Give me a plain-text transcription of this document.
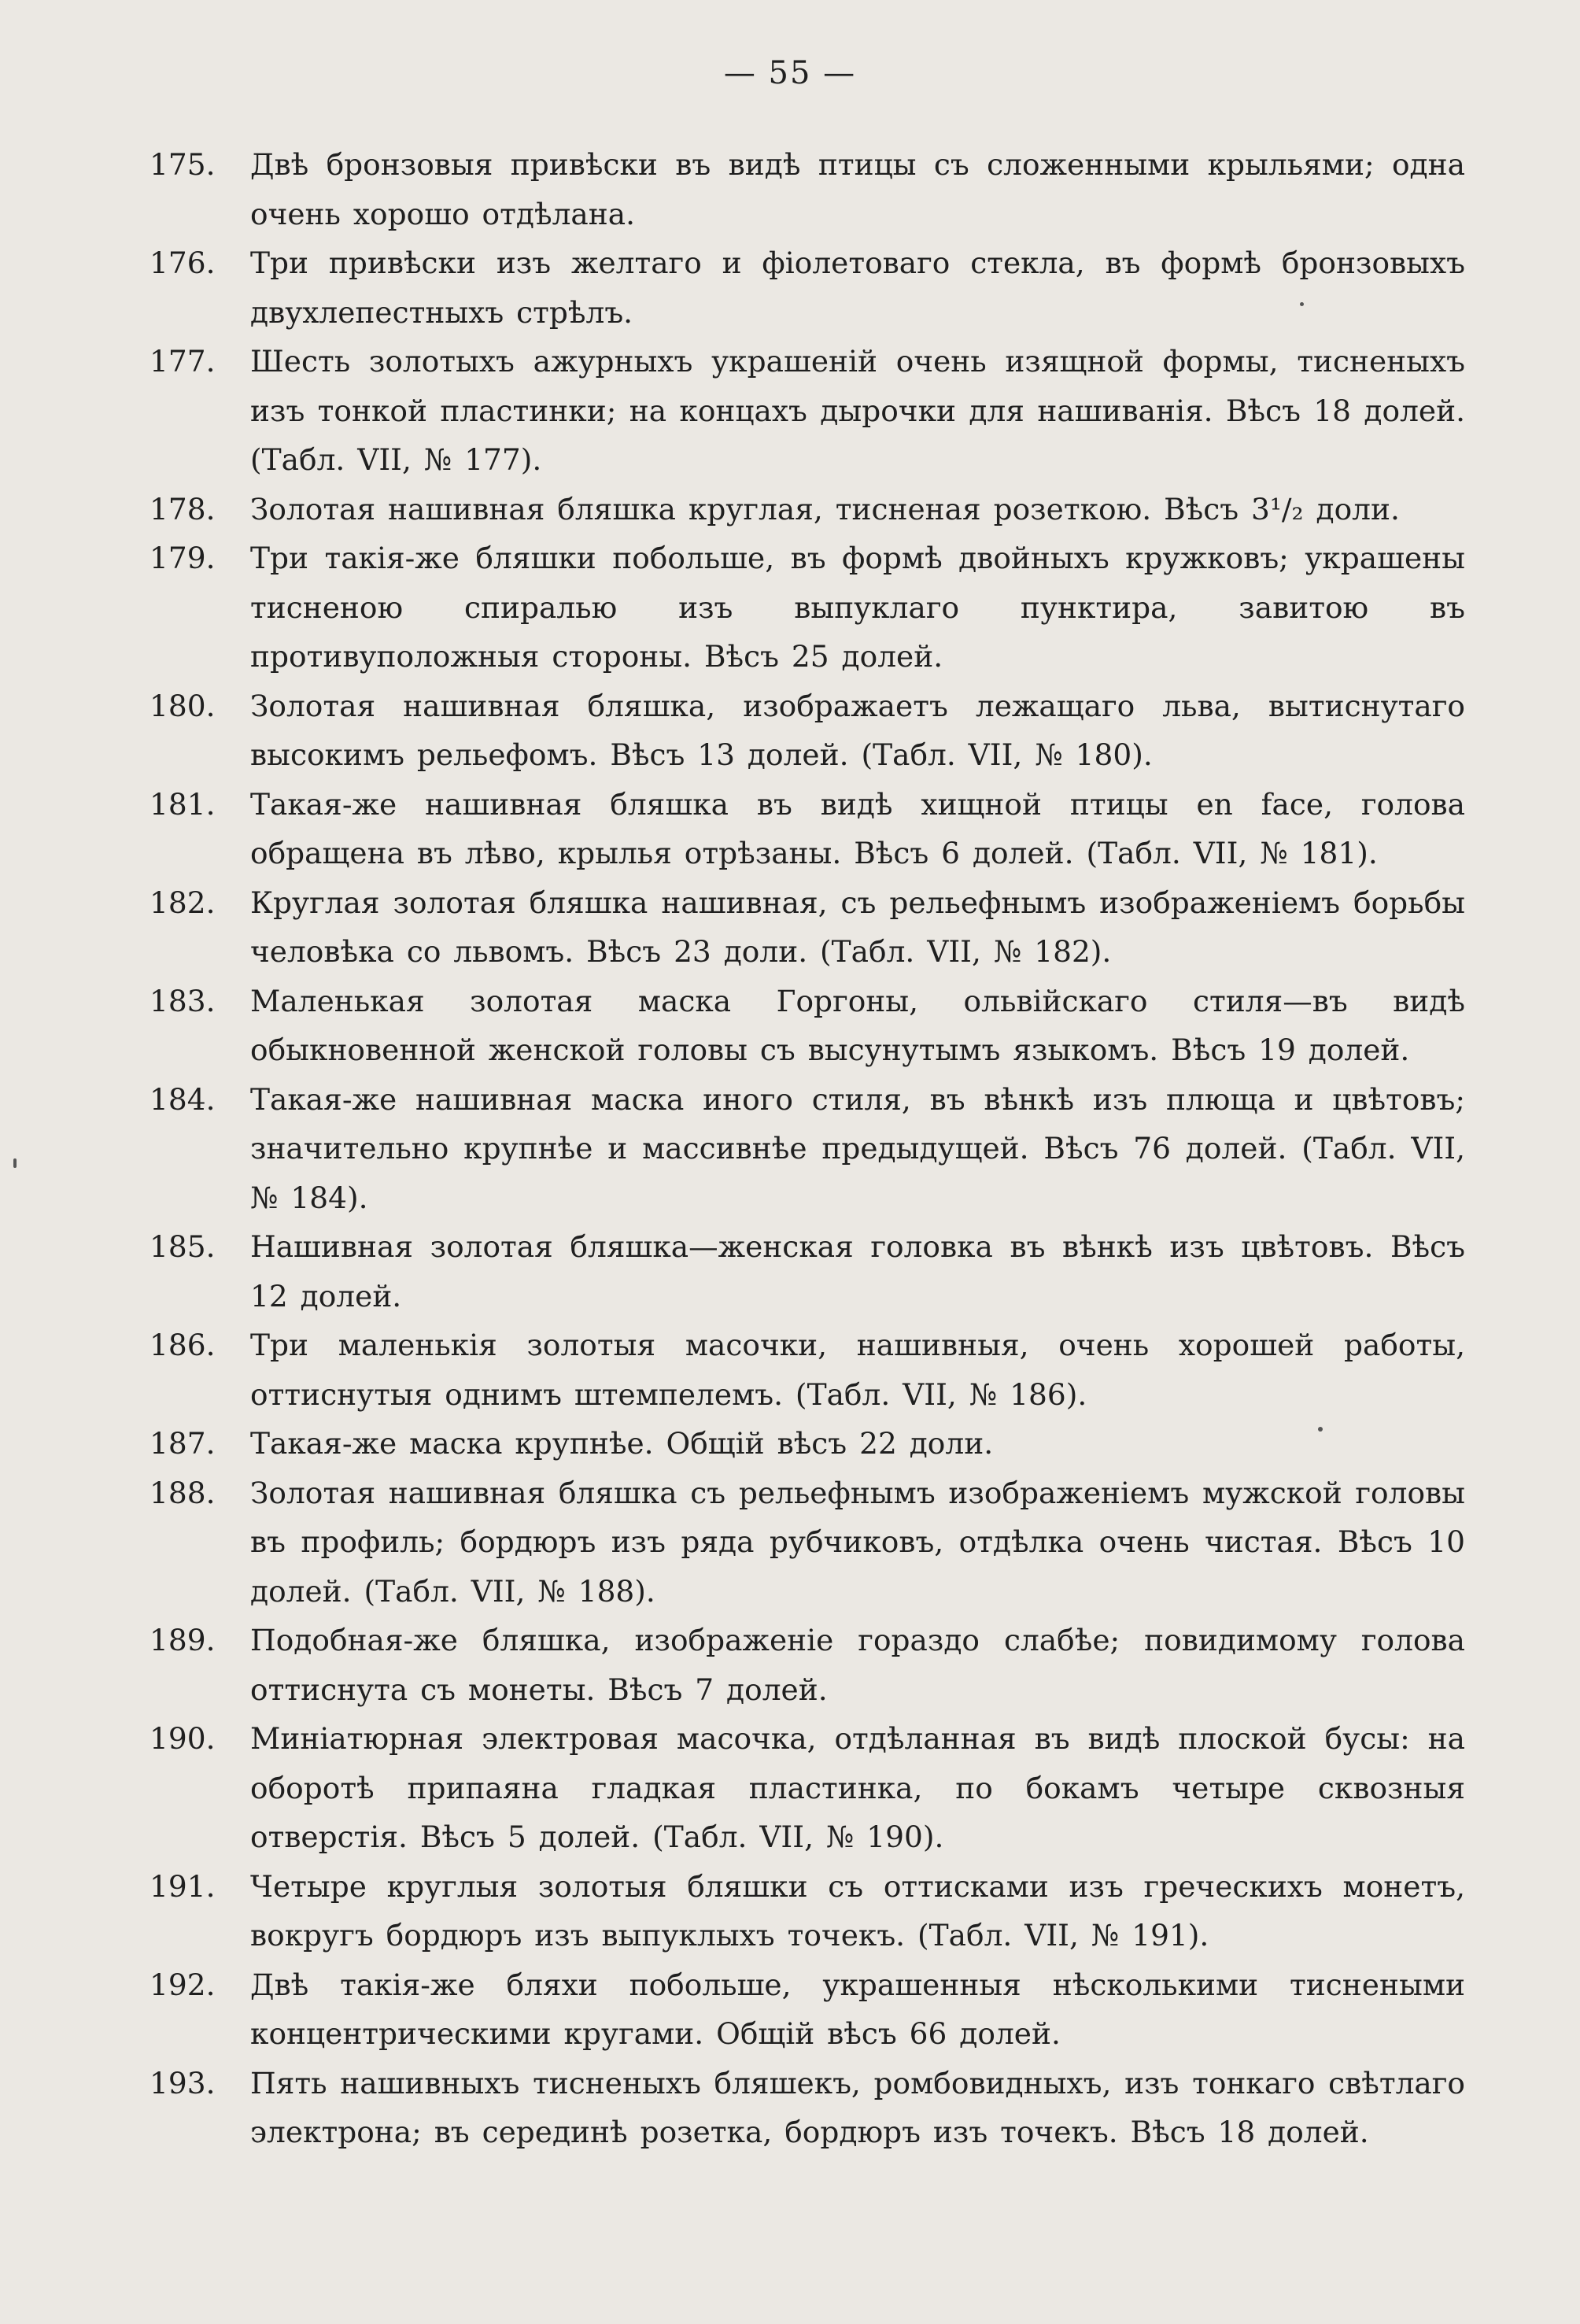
— 55 —
175.	Двѣ бронзовыя привѣски въ видѣ птицы съ сложенными крыльями; одна очень хорошо отдѣлана.
176.	Три привѣски изъ желтаго и фіолетоваго стекла, въ формѣ бронзовыхъ двухлепестныхъ стрѣлъ.
177.	Шесть золотыхъ ажурныхъ украшеній очень изящной формы, тисненыхъ изъ тонкой пластинки; на концахъ дырочки для нашиванія. Вѣсъ 18 долей. (Табл. VII, № 177).
178.	Золотая нашивная бляшка круглая, тисненая розеткою. Вѣсъ 3¹/₂ доли.
179.	Три такія-же бляшки побольше, въ формѣ двойныхъ кружковъ; украшены тисненою спиралью изъ выпуклаго пунктира, завитою въ противуположныя стороны. Вѣсъ 25 долей.
180.	Золотая нашивная бляшка, изображаетъ лежащаго льва, вытиснутаго высокимъ рельефомъ. Вѣсъ 13 долей. (Табл. VII, № 180).
181.	Такая-же нашивная бляшка въ видѣ хищной птицы en face, голова обращена въ лѣво, крылья отрѣзаны. Вѣсъ 6 долей. (Табл. VII, № 181).
182.	Круглая золотая бляшка нашивная, съ рельефнымъ изображеніемъ борьбы человѣка со львомъ. Вѣсъ 23 доли. (Табл. VII, № 182).
183.	Маленькая золотая маска Горгоны, ольвійскаго стиля—въ видѣ обыкновенной женской головы съ высунутымъ языкомъ. Вѣсъ 19 долей.
184.	Такая-же нашивная маска иного стиля, въ вѣнкѣ изъ плюща и цвѣтовъ; значительно крупнѣе и массивнѣе предыдущей. Вѣсъ 76 долей. (Табл. VII, № 184).
185.	Нашивная золотая бляшка—женская головка въ вѣнкѣ изъ цвѣтовъ. Вѣсъ 12 долей.
186.	Три маленькія золотыя масочки, нашивныя, очень хорошей работы, оттиснутыя однимъ штемпелемъ. (Табл. VII, № 186).
187.	Такая-же маска крупнѣе. Общій вѣсъ 22 доли.
188.	Золотая нашивная бляшка съ рельефнымъ изображеніемъ мужской головы въ профиль; бордюръ изъ ряда рубчиковъ, отдѣлка очень чистая. Вѣсъ 10 долей. (Табл. VII, № 188).
189.	Подобная-же бляшка, изображеніе гораздо слабѣе; повидимому голова оттиснута съ монеты. Вѣсъ 7 долей.
190.	Миніатюрная электровая масочка, отдѣланная въ видѣ плоской бусы: на оборотѣ припаяна гладкая пластинка, по бокамъ четыре сквозныя отверстія. Вѣсъ 5 долей. (Табл. VII, № 190).
191.	Четыре круглыя золотыя бляшки съ оттисками изъ греческихъ монетъ, вокругъ бордюръ изъ выпуклыхъ точекъ. (Табл. VII, № 191).
192.	Двѣ такія-же бляхи побольше, украшенныя нѣсколькими тиснеными концентрическими кругами. Общій вѣсъ 66 долей.
193.	Пять нашивныхъ тисненыхъ бляшекъ, ромбовидныхъ, изъ тонкаго свѣтлаго электрона; въ серединѣ розетка, бордюръ изъ точекъ. Вѣсъ 18 долей.
